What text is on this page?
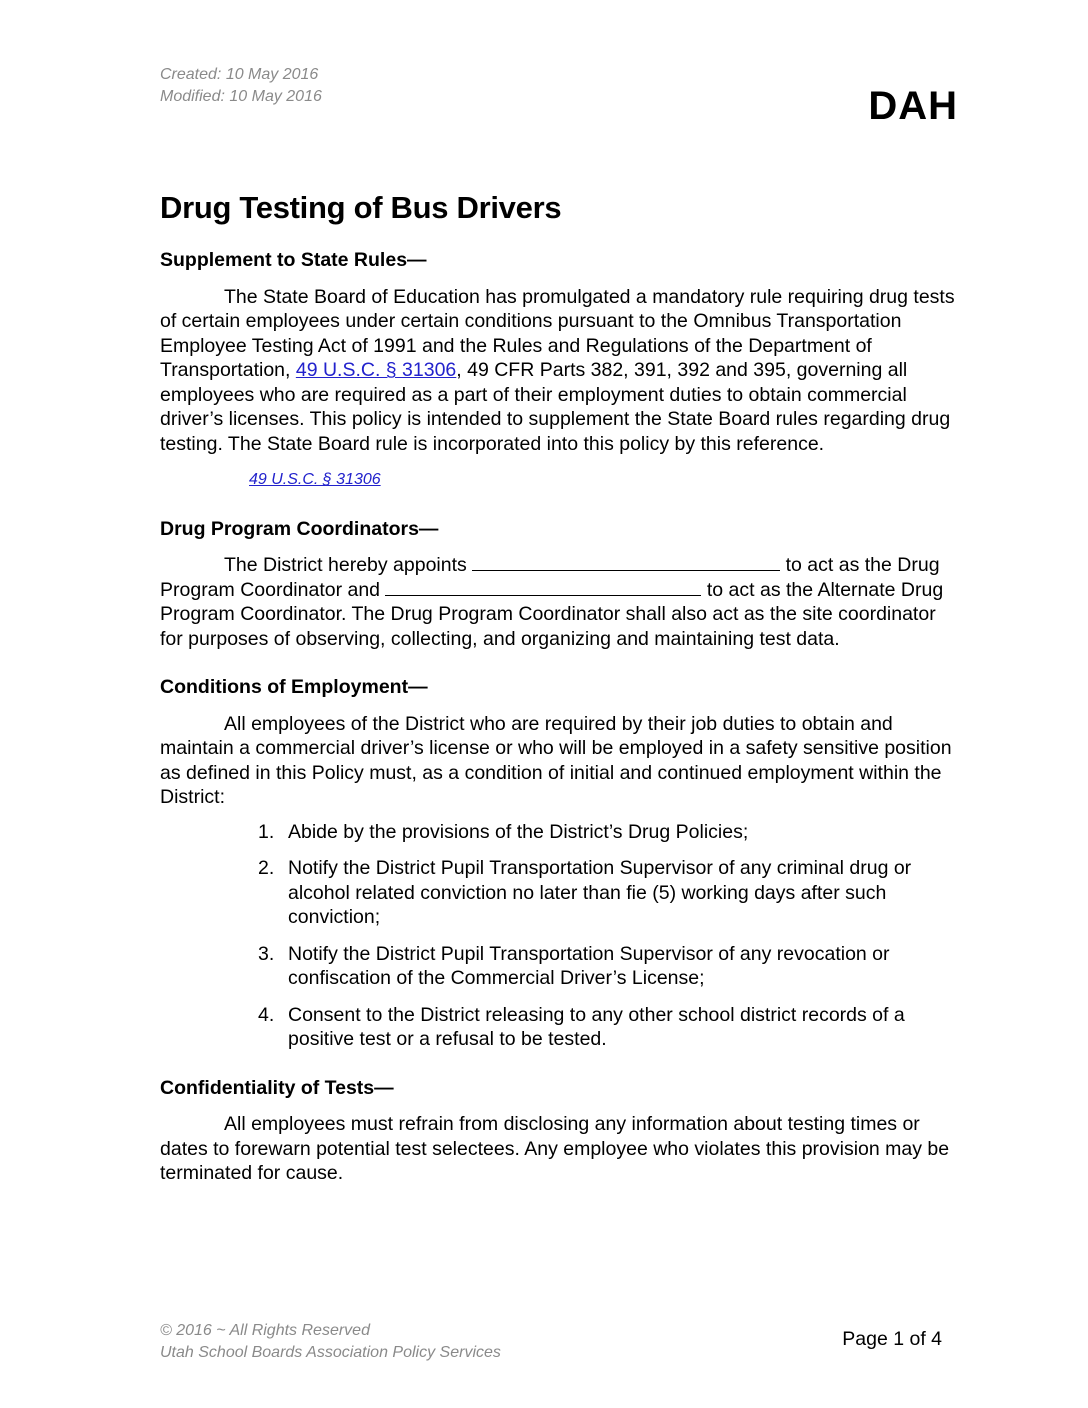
Created: 10 May 2016
Modified: 10 May 2016	DAH
Drug Testing of Bus Drivers
Supplement to State Rules—

The State Board of Education has promulgated a mandatory rule requiring drug tests of certain employees under certain conditions pursuant to the Omnibus Transportation Employee Testing Act of 1991 and the Rules and Regulations of the Department of Transportation, 49 U.S.C. § 31306, 49 CFR Parts 382, 391, 392 and 395, governing all employees who are required as a part of their employment duties to obtain commercial driver’s licenses. This policy is intended to supplement the State Board rules regarding drug testing. The State Board rule is incorporated into this policy by this reference.

49 U.S.C. § 31306
Drug Program Coordinators—

The District hereby appoints	to act as the Drug Program Coordinator and	to act as the Alternate Drug Program Coordinator. The Drug Program Coordinator shall also act as the site coordinator for purposes of observing, collecting, and organizing and maintaining test data.

Conditions of Employment—

All employees of the District who are required by their job duties to obtain and maintain a commercial driver’s license or who will be employed in a safety sensitive position as defined in this Policy must, as a condition of initial and continued employment within the District:

1. Abide by the provisions of the District’s Drug Policies;
2. Notify the District Pupil Transportation Supervisor of any criminal drug or alcohol related conviction no later than fie (5) working days after such conviction;
3. Notify the District Pupil Transportation Supervisor of any revocation or confiscation of the Commercial Driver’s License;
4. Consent to the District releasing to any other school district records of a positive test or a refusal to be tested.
Confidentiality of Tests—

All employees must refrain from disclosing any information about testing times or dates to forewarn potential test selectees. Any employee who violates this provision may be terminated for cause.

© 2016 ~ All Rights Reserved
Utah School Boards Association Policy Services
Page 1 of 4
